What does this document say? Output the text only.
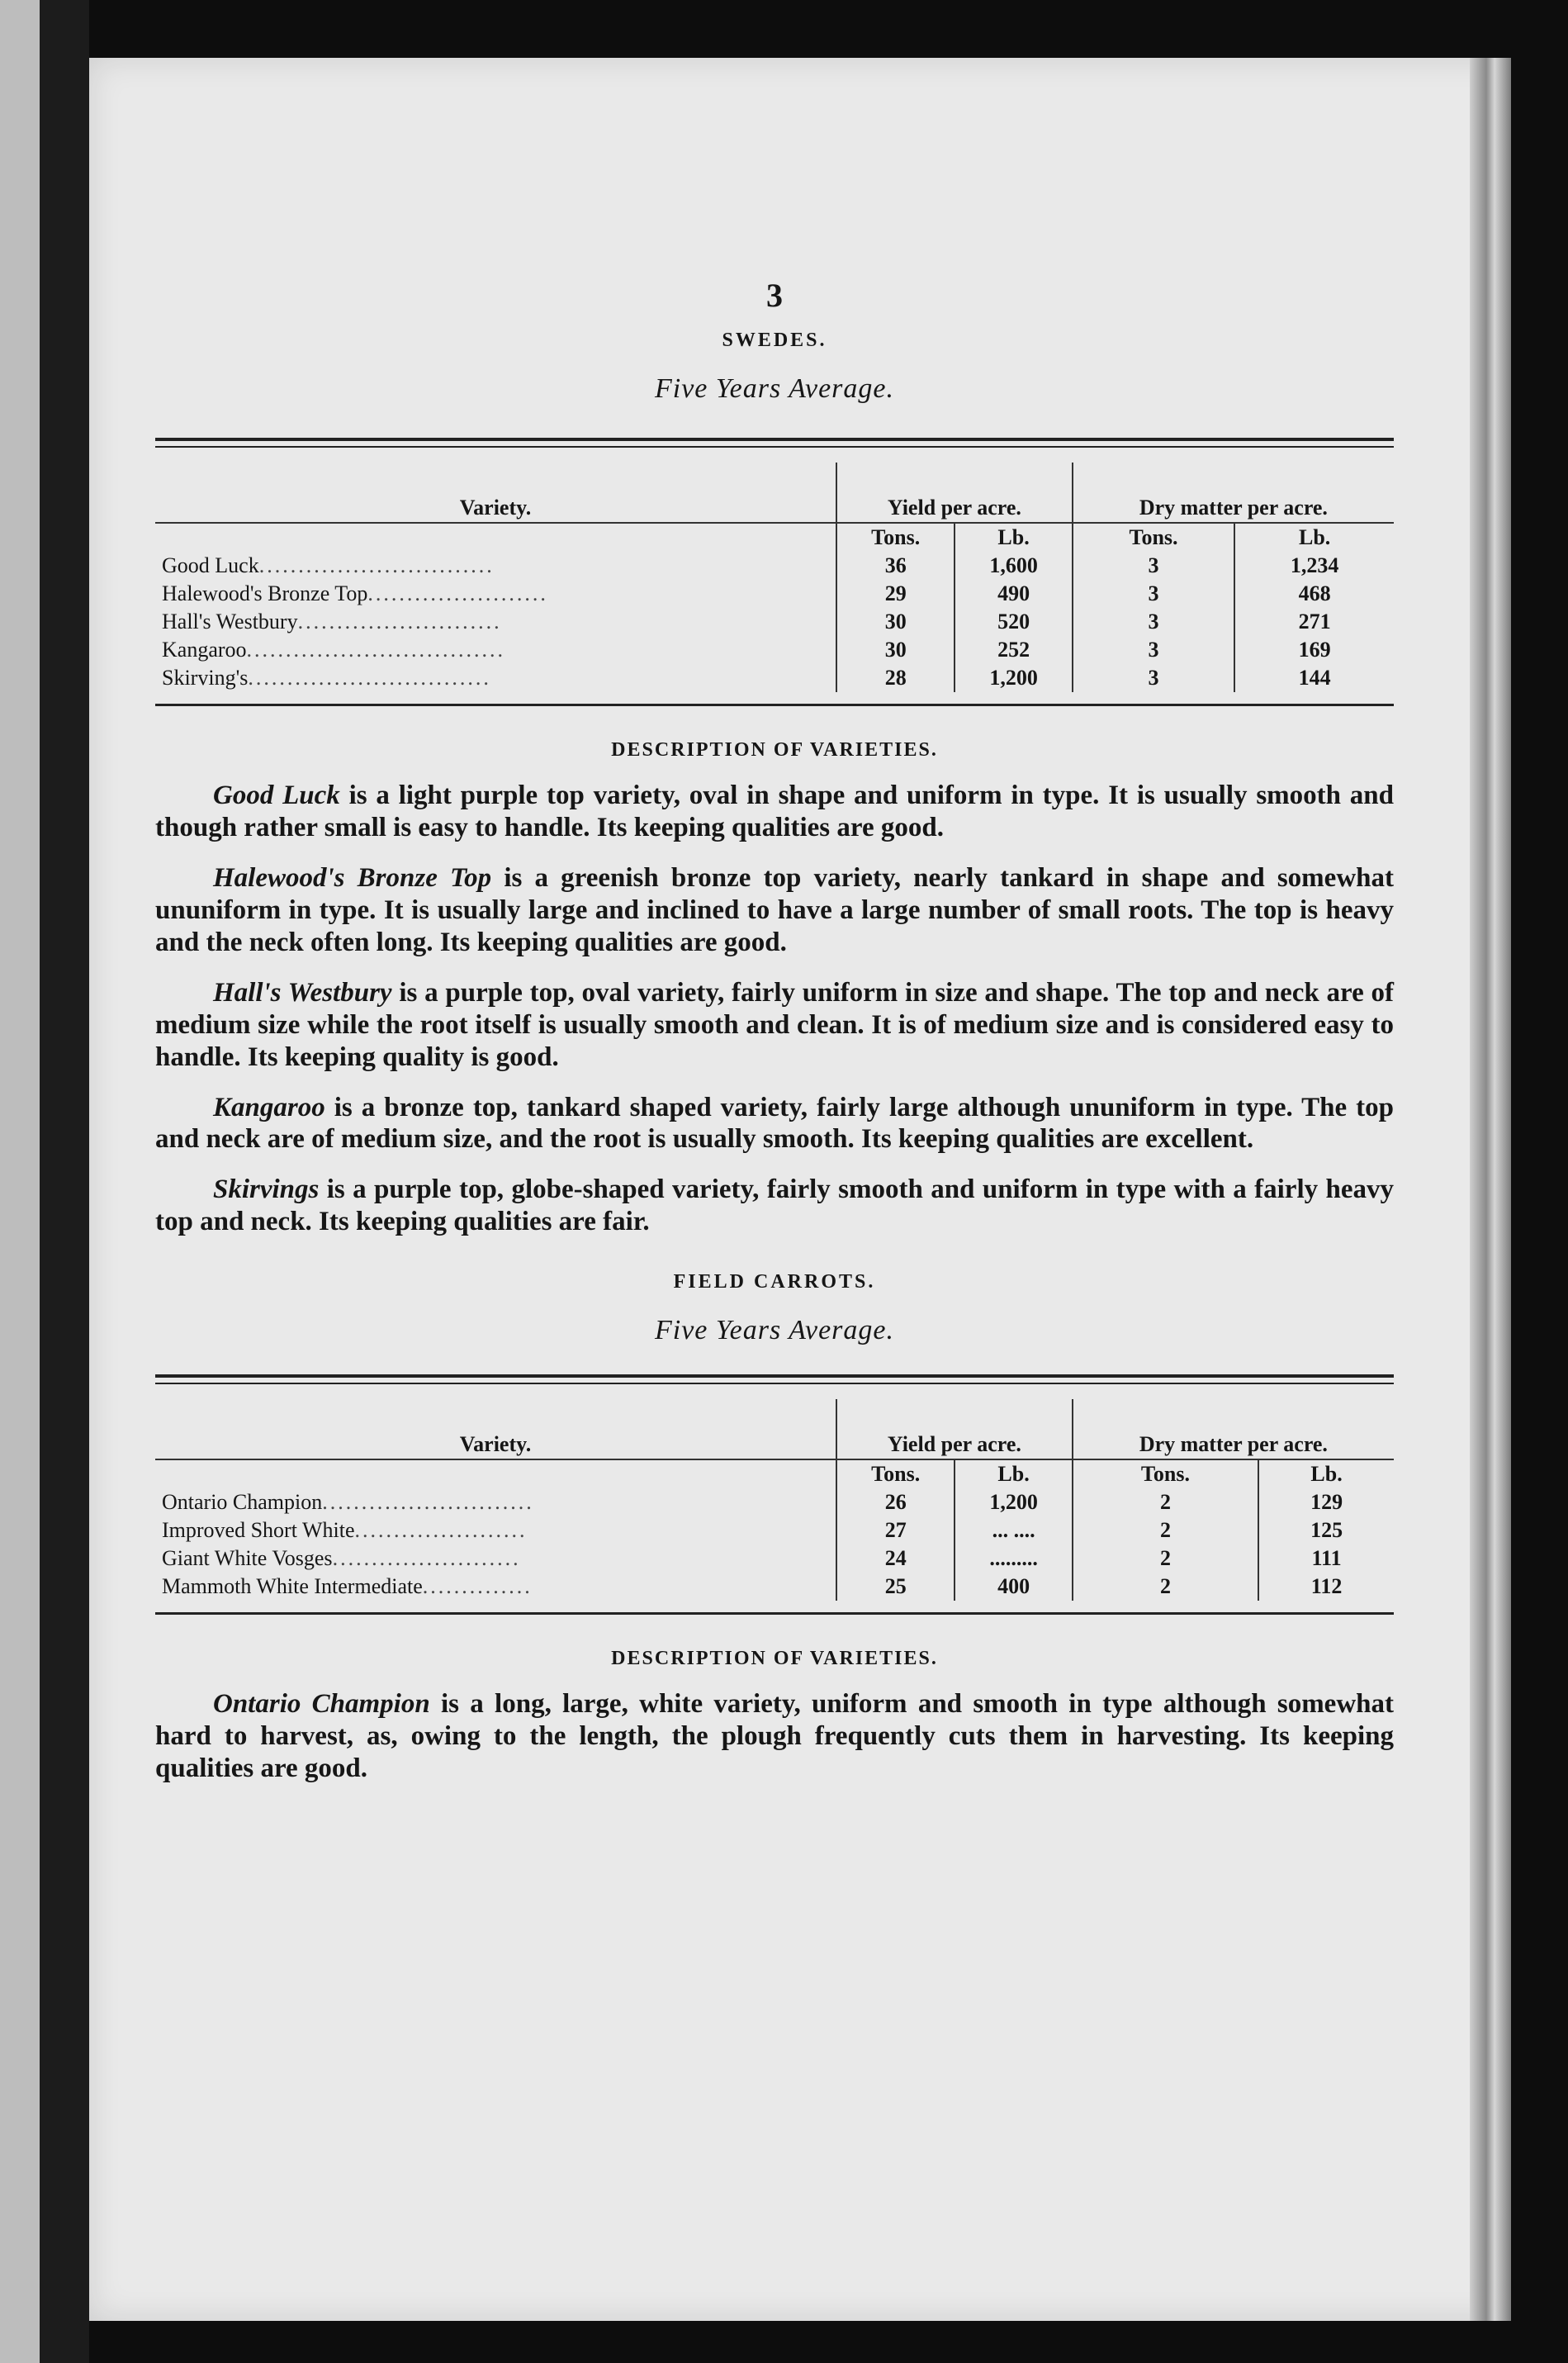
3
SWEDES.
Five Years Average.
Variety.	Yield per acre.		Dry matter per acre.	
	Tons.	Lb.	Tons.	Lb.
Good Luck..............................	36	1,600	3	1,234
Halewood's Bronze Top.......................	29	490	3	468
Hall's Westbury..........................	30	520	3	271
Kangaroo.................................	30	252	3	169
Skirving's...............................	28	1,200	3	144
DESCRIPTION OF VARIETIES.

Good Luck is a light purple top variety, oval in shape and uniform in type. It is usually smooth and though rather small is easy to handle. Its keeping qualities are good.

Halewood's Bronze Top is a greenish bronze top variety, nearly tankard in shape and somewhat ununiform in type. It is usually large and inclined to have a large number of small roots. The top is heavy and the neck often long. Its keeping qualities are good.

Hall's Westbury is a purple top, oval variety, fairly uniform in size and shape. The top and neck are of medium size while the root itself is usually smooth and clean. It is of medium size and is considered easy to handle. Its keeping quality is good.

Kangaroo is a bronze top, tankard shaped variety, fairly large although ununiform in type. The top and neck are of medium size, and the root is usually smooth. Its keeping qualities are excellent.

Skirvings is a purple top, globe-shaped variety, fairly smooth and uniform in type with a fairly heavy top and neck. Its keeping qualities are fair.

FIELD CARROTS.
Five Years Average.
Variety.	Yield per acre.		Dry matter per acre.	
	Tons.	Lb.	Tons.	Lb.
Ontario Champion...........................	26	1,200	2	129
Improved Short White......................	27	... ....	2	125
Giant White Vosges........................	24	.........	2	111
Mammoth White Intermediate..............	25	400	2	112
DESCRIPTION OF VARIETIES.

Ontario Champion is a long, large, white variety, uniform and smooth in type although somewhat hard to harvest, as, owing to the length, the plough frequently cuts them in harvesting. Its keeping qualities are good.
